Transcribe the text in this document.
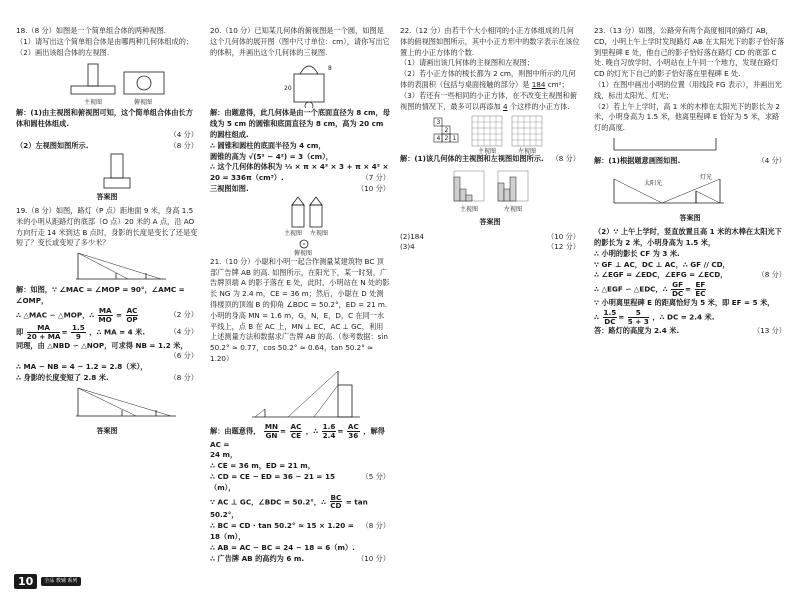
18.（8 分）如图是一个简单组合体的两种视图.

（1）请写出这个简单组合体是由哪两种几何体组成的；

（2）画出该组合体的左视图.

主视图	俯视图
解：(1)由主视图和俯视图可知，这个简单组合体由长方体和圆柱体组成.
（4 分）
（2）左视图如图所示.	（8 分）
答案图

19.（8 分）如图，路灯（P 点）距地面 9 米，身高 1.5 米的小明从距路灯的底部（O 点）20 米的 A 点，沿 AO 方向行走 14 米到达 B 点时，身影的长度是变长了还是变短了？变长或变短了多少米？

解：如图，∵ ∠MAC = ∠MOP = 90°，∠AMC = ∠OMP，

∴ △MAC ∽ △MOP，∴ $\frac{MA}{MO} = \frac{AC}{OP}$	（2 分）
即 $\frac{MA}{20 + MA} = \frac{1.5}{9}$ ，∴ MA = 4 米.	（4 分）
同理，由 △NBD ∽ △NOP，可求得 NB = 1.2 米，
（6 分）

∴ MA − NB = 4 − 1.2 = 2.8（米），

∴ 身影的长度变短了 2.8 米.	（8 分）
答案图

20.（10 分）已知某几何体的俯视图是一个圆，如图是这个几何体的展开图（图中尺寸单位：cm），请你写出它的体积，并画出这个几何体的三视图.

20
8

解：由题意得，此几何体是由一个底面直径为 8 cm，母线为 5 cm 的圆锥和底面直径为 8 cm，高为 20 cm 的圆柱组成.

∴ 圆锥和圆柱的底面半径为 4 cm，

圆锥的高为 √(5² − 4²) = 3（cm），

∴ 这个几何体的体积为 ⅓ × π × 4² × 3 + π × 4² ×

20 = 336π（cm³）.	（7 分）
三视图如图.	（10 分）
主视图 左视图
俯视图

21.（10 分）小聪和小明一起合作测量某建筑物 BC 顶部广告牌 AB 的高. 如图所示，在阳光下，某一时刻，广告牌顶端 A 的影子落在 E 处，此时，小明站在 N 处的影长 NG 为 2.4 m，CE = 36 m；然后，小聪在 D 处测得楼顶的顶端 B 的仰角 ∠BDC = 50.2°，ED = 21 m. 小明的身高 MN = 1.6 m，G，N，E，D，C 在同一水平线上，点 B 在 AC 上，MN ⊥ EC，AC ⊥ GC，利用上述测量方法和数据求广告牌 AB 的高.（参考数据：sin 50.2° ≈ 0.77，cos 50.2° ≈ 0.64，tan 50.2° ≈ 1.20）

解：由题意得， $\frac{MN}{GN} = \frac{AC}{CE}$ ，∴ $\frac{1.6}{2.4} = \frac{AC}{36}$ ，解得 AC =

24 m，

∴ CE = 36 m，ED = 21 m，

∴ CD = CE − ED = 36 − 21 = 15（m），
（5 分）
∵ AC ⊥ GC，∠BDC = 50.2°，∴ $\frac{BC}{CD} = \tan 50.2^\circ$，
∴ BC = CD · tan 50.2° ≈ 15 × 1.20 = 18（m），
（8 分）

∴ AB = AC − BC = 24 − 18 = 6（m）.

∴ 广告牌 AB 的高约为 6 m.	（10 分）

22.（12 分）由若干个大小相同的小正方体组成的几何体的俯视图如图所示，其中小正方形中的数字表示在该位置上的小正方体的个数.

（1）请画出该几何体的主视图和左视图；

（2）若小正方体的棱长都为 2 cm，则图中所示的几何体的表面积（包括与桌面接触的部分）是 184 cm²；

（3）若还有一些相同的小正方体，在不改变主视图和俯视图的情况下，最多可以再添加 4 个这样的小正方体.

3
2
4 2 1
主视图	左视图
解：(1)该几何体的主视图和左视图如图所示.	（8 分）
主视图	左视图
答案图
(2)184	（10 分）
(3)4	（12 分）

23.（13 分）如图，公路旁有两个高度相同的路灯 AB，CD，小明上午上学时发现路灯 AB 在太阳光下的影子恰好落到里程碑 E 处，他自己的影子恰好落在路灯 CD 的底部 C 处. 晚自习放学时，小明站在上午同一个地方，发现在路灯 CD 的灯光下自己的影子恰好落在里程碑 E 处.

（1）在图中画出小明的位置（用线段 FG 表示），并画出光线，标出太阳光、灯光；

（2）若上午上学时，高 1 米的木棒在太阳光下的影长为 2 米，小明身高为 1.5 米，他离里程碑 E 恰好为 5 米，求路灯的高度.

解：(1)根据题意画图如图.	（4 分）
太阳光
灯光
答案图

（2）∵ 上午上学时，竖直放置且高 1 米的木棒在太阳光下的影长为 2 米，小明身高为 1.5 米，

∴ 小明的影长 CF 为 3 米.

∵ GF ⊥ AC，DC ⊥ AC，∴ GF // CD，

∴ ∠EGF = ∠EDC，∠EFG = ∠ECD，	（8 分）
∴ △EGF ∽ △EDC，∴ $\frac{GF}{DC} = \frac{EF}{EC}$

∵ 小明离里程碑 E 的距离恰好为 5 米，即 EF = 5 米，

∴ $\frac{1.5}{DC} = \frac{5}{5 + 3}$ ，∴ DC = 2.4 米.
答：路灯的高度为 2.4 米.	（13 分）
10	全品 教辅 系列
